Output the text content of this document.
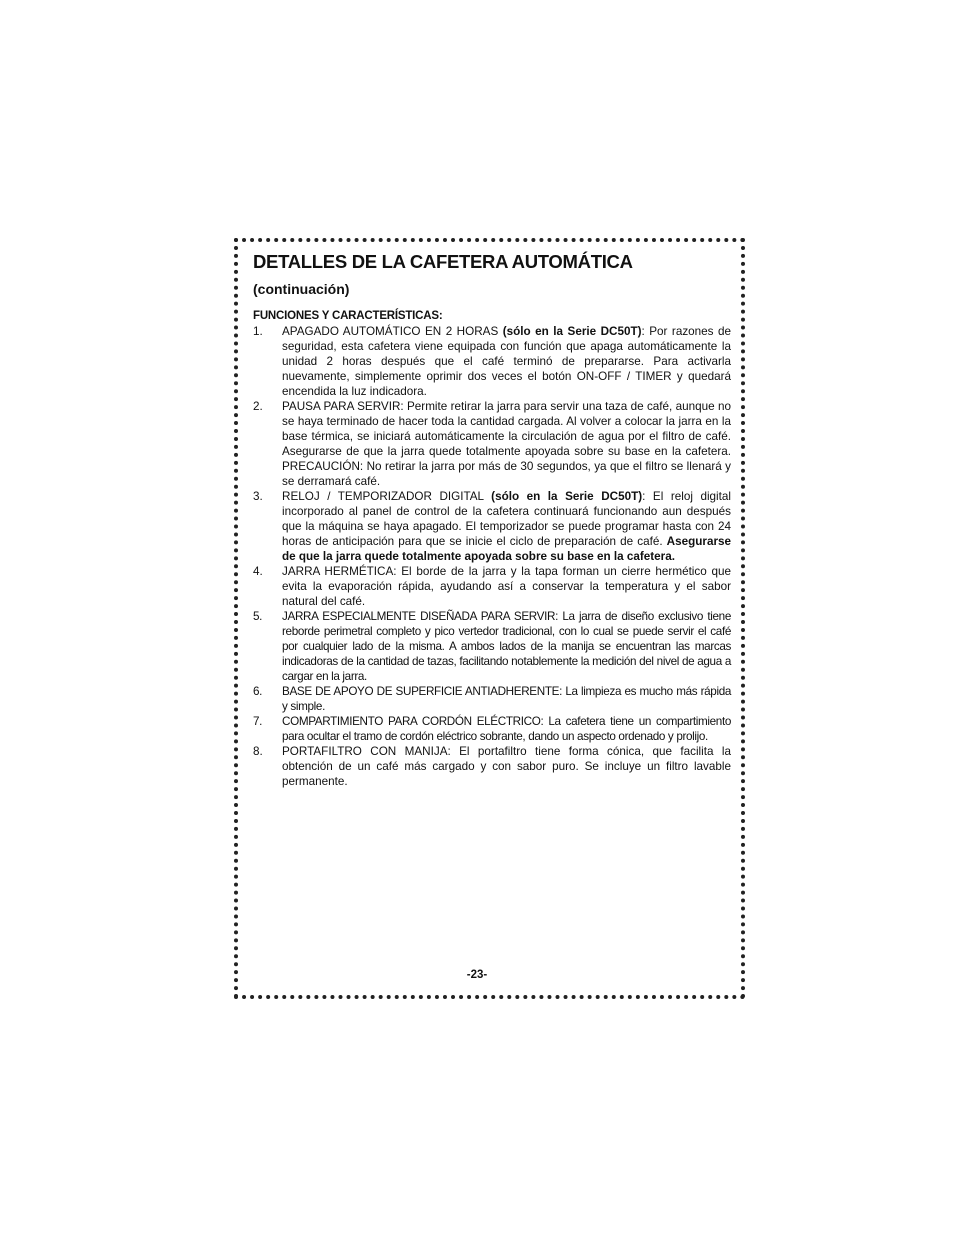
DETALLES DE LA CAFETERA AUTOMÁTICA

(continuación)

FUNCIONES Y CARACTERÍSTICAS:

1. APAGADO AUTOMÁTICO EN 2 HORAS (sólo en la Serie DC50T): Por razones de seguridad, esta cafetera viene equipada con función que apaga automáticamente la unidad 2 horas después que el café terminó de prepararse. Para activarla nuevamente, simplemente oprimir dos veces el botón ON-OFF / TIMER y quedará encendida la luz indicadora.
2. PAUSA PARA SERVIR: Permite retirar la jarra para servir una taza de café, aunque no se haya terminado de hacer toda la cantidad cargada. Al volver a colocar la jarra en la base térmica, se iniciará automáticamente la circulación de agua por el filtro de café. Asegurarse de que la jarra quede totalmente apoyada sobre su base en la cafetera. PRECAUCIÓN: No retirar la jarra por más de 30 segundos, ya que el filtro se llenará y se derramará café.
3. RELOJ / TEMPORIZADOR DIGITAL (sólo en la Serie DC50T): El reloj digital incorporado al panel de control de la cafetera continuará funcionando aun después que la máquina se haya apagado. El temporizador se puede programar hasta con 24 horas de anticipación para que se inicie el ciclo de preparación de café. Asegurarse de que la jarra quede totalmente apoyada sobre su base en la cafetera.
4. JARRA HERMÉTICA: El borde de la jarra y la tapa forman un cierre hermético que evita la evaporación rápida, ayudando así a conservar la temperatura y el sabor natural del café.
5. JARRA ESPECIALMENTE DISEÑADA PARA SERVIR: La jarra de diseño exclusivo tiene reborde perimetral completo y pico vertedor tradicional, con lo cual se puede servir el café por cualquier lado de la misma. A ambos lados de la manija se encuentran las marcas indicadoras de la cantidad de tazas, facilitando notablemente la medición del nivel de agua a cargar en la jarra.
6. BASE DE APOYO DE SUPERFICIE ANTIADHERENTE: La limpieza es mucho más rápida y simple.
7. COMPARTIMIENTO PARA CORDÓN ELÉCTRICO: La cafetera tiene un compartimiento para ocultar el tramo de cordón eléctrico sobrante, dando un aspecto ordenado y prolijo.
8. PORTAFILTRO CON MANIJA: El portafiltro tiene forma cónica, que facilita la obtención de un café más cargado y con sabor puro. Se incluye un filtro lavable permanente.

-23-
